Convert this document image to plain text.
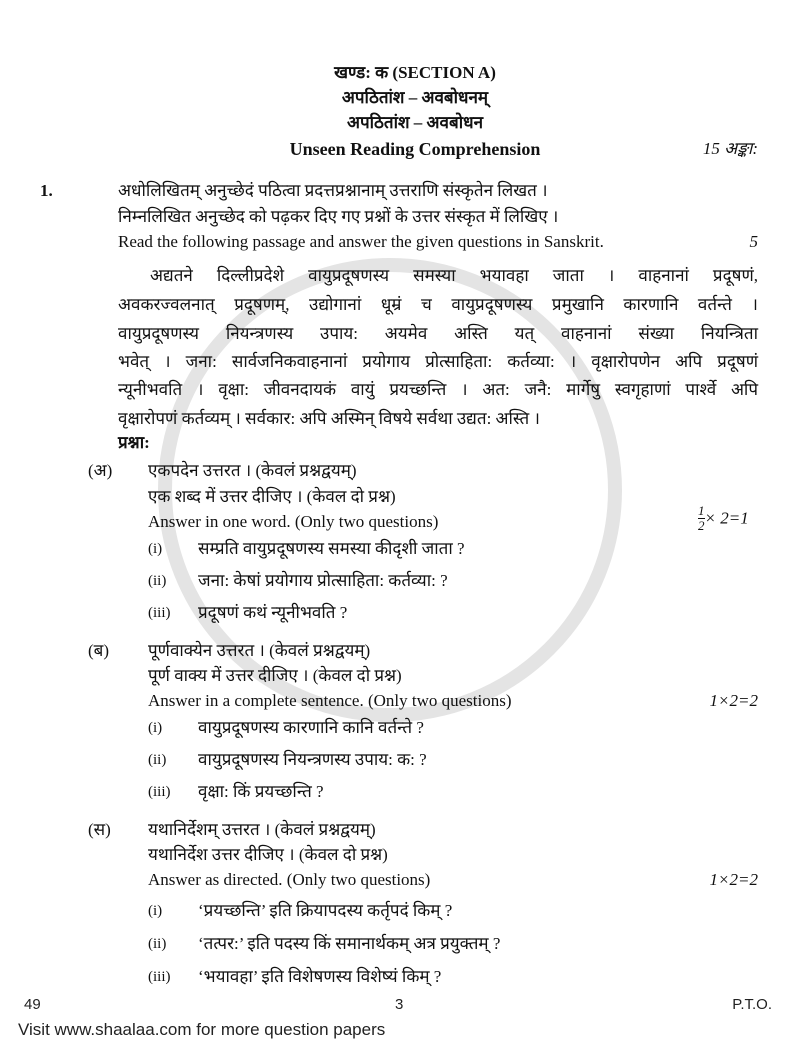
खण्ड: क (SECTION A)
अपठितांश – अवबोधनम्
अपठितांश – अवबोधन
Unseen Reading Comprehension	15 अङ्का:
1.	अधोलिखितम् अनुच्छेदं पठित्वा प्रदत्तप्रश्नानाम् उत्तराणि संस्कृतेन लिखत ।
निम्नलिखित अनुच्छेद को पढ़कर दिए गए प्रश्नों के उत्तर संस्कृत में लिखिए ।
Read the following passage and answer the given questions in Sanskrit.	5
अद्यतने दिल्लीप्रदेशे वायुप्रदूषणस्य समस्या भयावहा जाता । वाहनानां प्रदूषणं,
अवकरज्वलनात् प्रदूषणम्, उद्योगानां धूम्रं च वायुप्रदूषणस्य प्रमुखानि कारणानि वर्तन्ते ।
वायुप्रदूषणस्य नियन्त्रणस्य उपाय: अयमेव अस्ति यत् वाहनानां संख्या नियन्त्रिता
भवेत् । जना: सार्वजनिकवाहनानां प्रयोगाय प्रोत्साहिता: कर्तव्या: । वृक्षारोपणेन अपि प्रदूषणं
न्यूनीभवति । वृक्षा: जीवनदायकं वायुं प्रयच्छन्ति । अत: जनै: मार्गेषु स्वगृहाणां पार्श्वे अपि
वृक्षारोपणं कर्तव्यम् । सर्वकार: अपि अस्मिन् विषये सर्वथा उद्यत: अस्ति ।
प्रश्ना:
(अ) एकपदेन उत्तरत । (केवलं प्रश्नद्वयम्)
एक शब्द में उत्तर दीजिए । (केवल दो प्रश्न)
Answer in one word. (Only two questions)	$\frac{1}{2} \times 2=1$
(i) सम्प्रति वायुप्रदूषणस्य समस्या कीदृशी जाता ?
(ii) जना: केषां प्रयोगाय प्रोत्साहिता: कर्तव्या: ?
(iii) प्रदूषणं कथं न्यूनीभवति ?
(ब) पूर्णवाक्येन उत्तरत । (केवलं प्रश्नद्वयम्)
पूर्ण वाक्य में उत्तर दीजिए । (केवल दो प्रश्न)
Answer in a complete sentence. (Only two questions)	1×2=2
(i) वायुप्रदूषणस्य कारणानि कानि वर्तन्ते ?
(ii) वायुप्रदूषणस्य नियन्त्रणस्य उपाय: क: ?
(iii) वृक्षा: किं प्रयच्छन्ति ?
(स) यथानिर्देशम् उत्तरत । (केवलं प्रश्नद्वयम्)
यथानिर्देश उत्तर दीजिए । (केवल दो प्रश्न)
Answer as directed. (Only two questions)	1×2=2
(i) ‘प्रयच्छन्ति’ इति क्रियापदस्य कर्तृपदं किम् ?
(ii) ‘तत्पर:’ इति पदस्य किं समानार्थकम् अत्र प्रयुक्तम् ?
(iii) ‘भयावहा’ इति विशेषणस्य विशेष्यं किम् ?
49	3	P.T.O.
Visit www.shaalaa.com for more question papers
